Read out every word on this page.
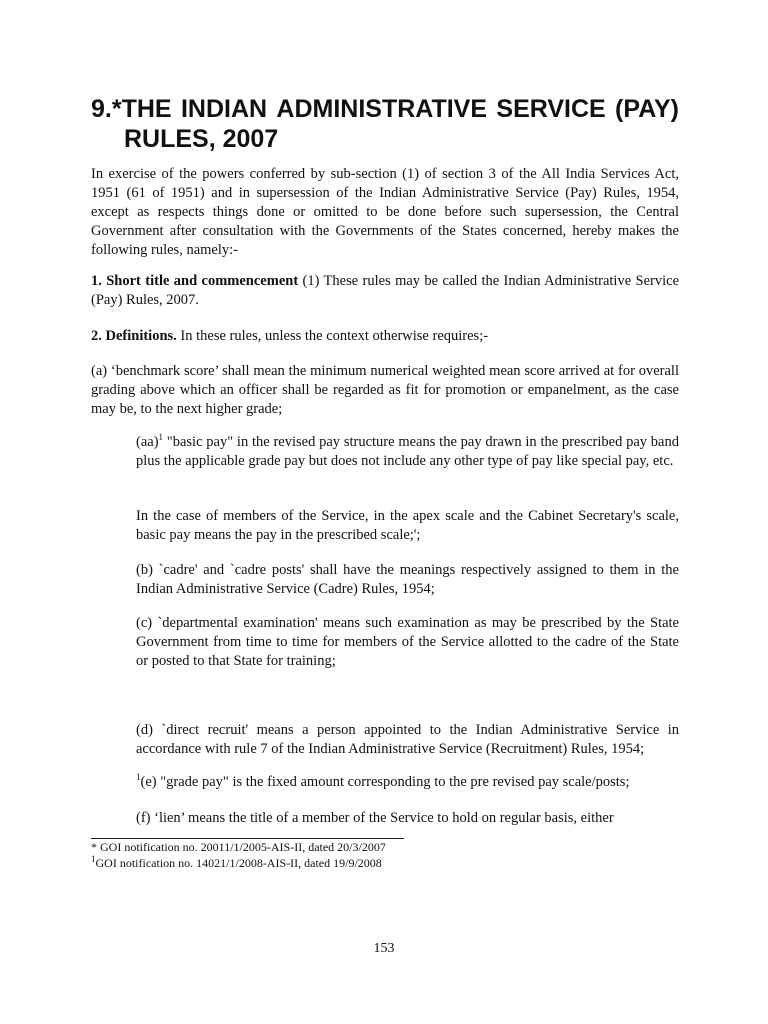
9.*THE INDIAN ADMINISTRATIVE SERVICE (PAY)
RULES, 2007
In exercise of the powers conferred by sub-section (1) of section 3 of the All India Services Act, 1951 (61 of 1951) and in supersession of the Indian Administrative Service (Pay) Rules, 1954, except as respects things done or omitted to be done before such supersession, the Central Government after consultation with the Governments of the States concerned, hereby makes the following rules, namely:-
1. Short title and commencement (1) These rules may be called the Indian Administrative Service (Pay) Rules, 2007.
2. Definitions. In these rules, unless the context otherwise requires;-
(a) ‘benchmark score’ shall mean the minimum numerical weighted mean score arrived at for overall grading above which an officer shall be regarded as fit for promotion or empanelment, as the case may be, to the next higher grade;
(aa)$^1$ "basic pay" in the revised pay structure means the pay drawn in the prescribed pay band plus the applicable grade pay but does not include any other type of pay like special pay, etc.
In the case of members of the Service, in the apex scale and the Cabinet Secretary's scale, basic pay means the pay in the prescribed scale;';
(b) `cadre' and `cadre posts' shall have the meanings respectively assigned to them in the Indian Administrative Service (Cadre) Rules, 1954;
(c) `departmental examination' means such examination as may be prescribed by the State Government from time to time for members of the Service allotted to the cadre of the State or posted to that State for training;
(d) `direct recruit' means a person appointed to the Indian Administrative Service in accordance with rule 7 of the Indian Administrative Service (Recruitment) Rules, 1954;
$^1$(e) "grade pay" is the fixed amount corresponding to the pre revised pay scale/posts;
(f) ‘lien’ means the title of a member of the Service to hold on regular basis, either
* GOI notification no. 20011/1/2005-AIS-II, dated 20/3/2007
$^1$GOI notification no. 14021/1/2008-AIS-II, dated 19/9/2008
153
